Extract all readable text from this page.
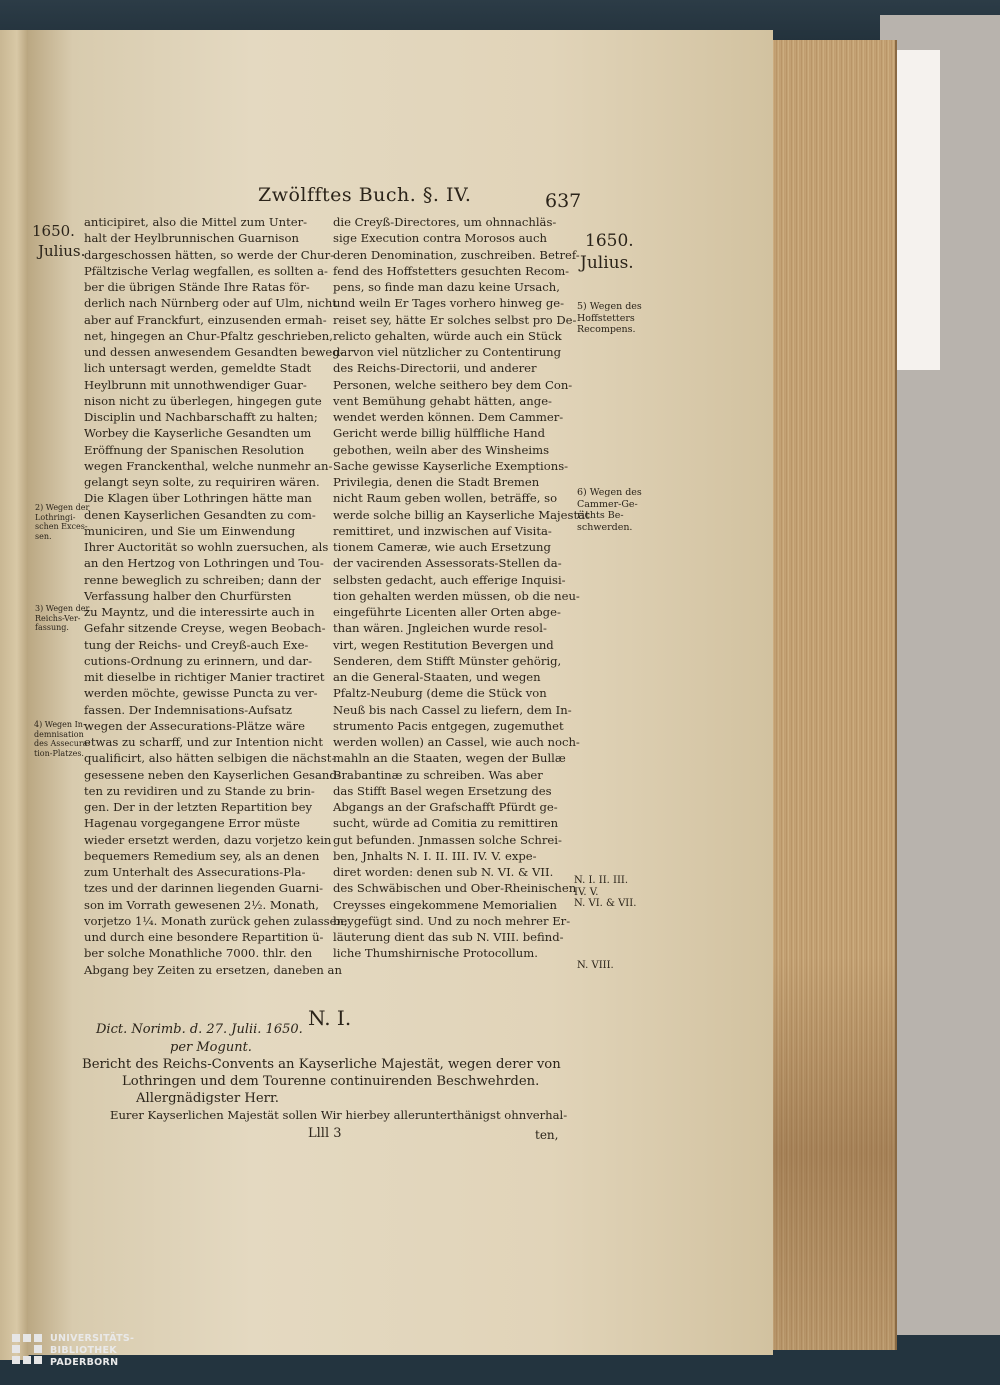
Zwölfftes Buch. §. IV.	637
1650.
Julius.	1650.
Julius.
anticipiret, also die Mittel zum Unter-
halt der Heylbrunnischen Guarnison
dargeschossen hätten, so werde der Chur-
Pfältzische Verlag wegfallen, es sollten a-
ber die übrigen Stände Ihre Ratas för-
derlich nach Nürnberg oder auf Ulm, nicht
aber auf Franckfurt, einzusenden ermah-
net, hingegen an Chur-Pfaltz geschrieben,
und dessen anwesendem Gesandten beweg-
lich untersagt werden, gemeldte Stadt
Heylbrunn mit unnothwendiger Guar-
nison nicht zu überlegen, hingegen gute
Disciplin und Nachbarschafft zu halten;
Worbey die Kayserliche Gesandten um
Eröffnung der Spanischen Resolution
wegen Franckenthal, welche nunmehr an-
gelangt seyn solte, zu requiriren wären.
Die Klagen über Lothringen hätte man
denen Kayserlichen Gesandten zu com-
municiren, und Sie um Einwendung
Ihrer Auctorität so wohln zuersuchen, als
an den Hertzog von Lothringen und Tou-
renne beweglich zu schreiben; dann der
Verfassung halber den Churfürsten
zu Mayntz, und die interessirte auch in
Gefahr sitzende Creyse, wegen Beobach-
tung der Reichs- und Creyß-auch Exe-
cutions-Ordnung zu erinnern, und dar-
mit dieselbe in richtiger Manier tractiret
werden möchte, gewisse Puncta zu ver-
fassen. Der Indemnisations-Aufsatz
wegen der Assecurations-Plätze wäre
etwas zu scharff, und zur Intention nicht
qualificirt, also hätten selbigen die nächst-
gesessene neben den Kayserlichen Gesand-
ten zu revidiren und zu Stande zu brin-
gen. Der in der letzten Repartition bey
Hagenau vorgegangene Error müste
wieder ersetzt werden, dazu vorjetzo kein
bequemers Remedium sey, als an denen
zum Unterhalt des Assecurations-Pla-
tzes und der darinnen liegenden Guarni-
son im Vorrath gewesenen 2½. Monath,
vorjetzo 1¼. Monath zurück gehen zulassen,
und durch eine besondere Repartition ü-
ber solche Monathliche 7000. thlr. den
Abgang bey Zeiten zu ersetzen, daneben an
die Creyß-Directores, um ohnnachläs-
sige Execution contra Morosos auch
deren Denomination, zuschreiben. Betref-
fend des Hoffstetters gesuchten Recom-
pens, so finde man dazu keine Ursach,
und weiln Er Tages vorhero hinweg ge-
reiset sey, hätte Er solches selbst pro De-
relicto gehalten, würde auch ein Stück
darvon viel nützlicher zu Contentirung
des Reichs-Directorii, und anderer
Personen, welche seithero bey dem Con-
vent Bemühung gehabt hätten, ange-
wendet werden können. Dem Cammer-
Gericht werde billig hülffliche Hand
gebothen, weiln aber des Winsheims
Sache gewisse Kayserliche Exemptions-
Privilegia, denen die Stadt Bremen
nicht Raum geben wollen, beträffe, so
werde solche billig an Kayserliche Majestät
remittiret, und inzwischen auf Visita-
tionem Cameræ, wie auch Ersetzung
der vacirenden Assessorats-Stellen da-
selbsten gedacht, auch efferige Inquisi-
tion gehalten werden müssen, ob die neu-
eingeführte Licenten aller Orten abge-
than wären. Jngleichen wurde resol-
virt, wegen Restitution Bevergen und
Senderen, dem Stifft Münster gehörig,
an die General-Staaten, und wegen
Pfaltz-Neuburg (deme die Stück von
Neuß bis nach Cassel zu liefern, dem In-
strumento Pacis entgegen, zugemuthet
werden wollen) an Cassel, wie auch noch-
mahln an die Staaten, wegen der Bullæ
Brabantinæ zu schreiben. Was aber
das Stifft Basel wegen Ersetzung des
Abgangs an der Grafschafft Pfürdt ge-
sucht, würde ad Comitia zu remittiren
gut befunden. Jnmassen solche Schrei-
ben, Jnhalts N. I. II. III. IV. V. expe-
diret worden: denen sub N. VI. & VII.
des Schwäbischen und Ober-Rheinischen
Creysses eingekommene Memorialien
beygefügt sind. Und zu noch mehrer Er-
läuterung dient das sub N. VIII. befind-
liche Thumshirnische Protocollum.
2) Wegen der
Lothringi-
schen Exces-
sen.
3) Wegen der
Reichs-Ver-
fassung.
4) Wegen In-
demnisation
des Assecura-
tion-Platzes.
5) Wegen des
Hoffstetters
Recompens.
6) Wegen des
Cammer-Ge-
richts Be-
schwerden.
N. I. II. III.
IV. V.
N. VI. & VII.
N. VIII.
N. I.
Dict. Norimb. d. 27. Julii. 1650.
per Mogunt.
Bericht des Reichs-Convents an Kayserliche Majestät, wegen derer von
Lothringen und dem Tourenne continuirenden Beschwehrden.
Allergnädigster Herr.
Eurer Kayserlichen Majestät sollen Wir hierbey allerunterthänigst ohnverhal-
Llll 3	ten,
UNIVERSITÄTS-
BIBLIOTHEK
PADERBORN
